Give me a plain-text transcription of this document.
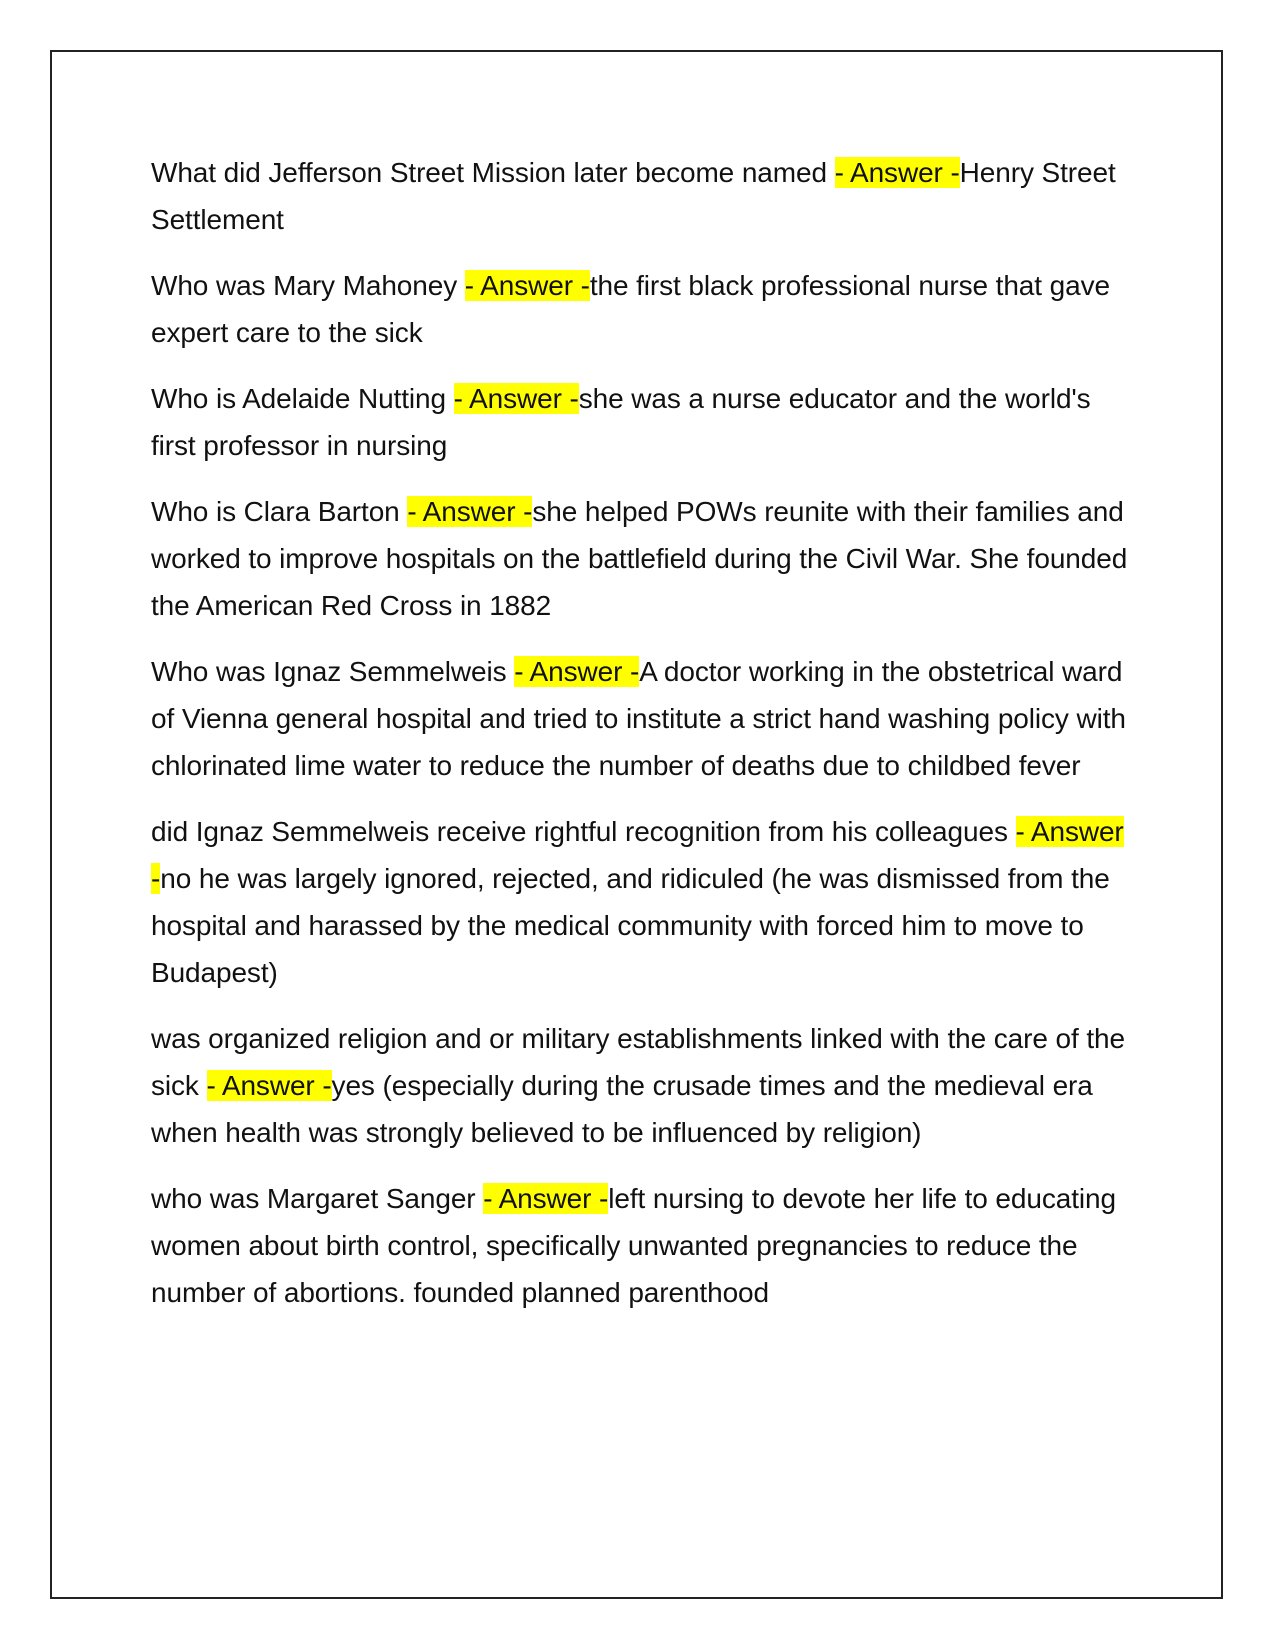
What did Jefferson Street Mission later become named - Answer -Henry Street Settlement

Who was Mary Mahoney - Answer -the first black professional nurse that gave expert care to the sick

Who is Adelaide Nutting - Answer -she was a nurse educator and the world's first professor in nursing

Who is Clara Barton - Answer -she helped POWs reunite with their families and worked to improve hospitals on the battlefield during the Civil War. She founded the American Red Cross in 1882

Who was Ignaz Semmelweis - Answer -A doctor working in the obstetrical ward of Vienna general hospital and tried to institute a strict hand washing policy with chlorinated lime water to reduce the number of deaths due to childbed fever

did Ignaz Semmelweis receive rightful recognition from his colleagues - Answer -no he was largely ignored, rejected, and ridiculed (he was dismissed from the hospital and harassed by the medical community with forced him to move to Budapest)

was organized religion and or military establishments linked with the care of the sick - Answer -yes (especially during the crusade times and the medieval era when health was strongly believed to be influenced by religion)

who was Margaret Sanger - Answer -left nursing to devote her life to educating women about birth control, specifically unwanted pregnancies to reduce the number of abortions. founded planned parenthood
